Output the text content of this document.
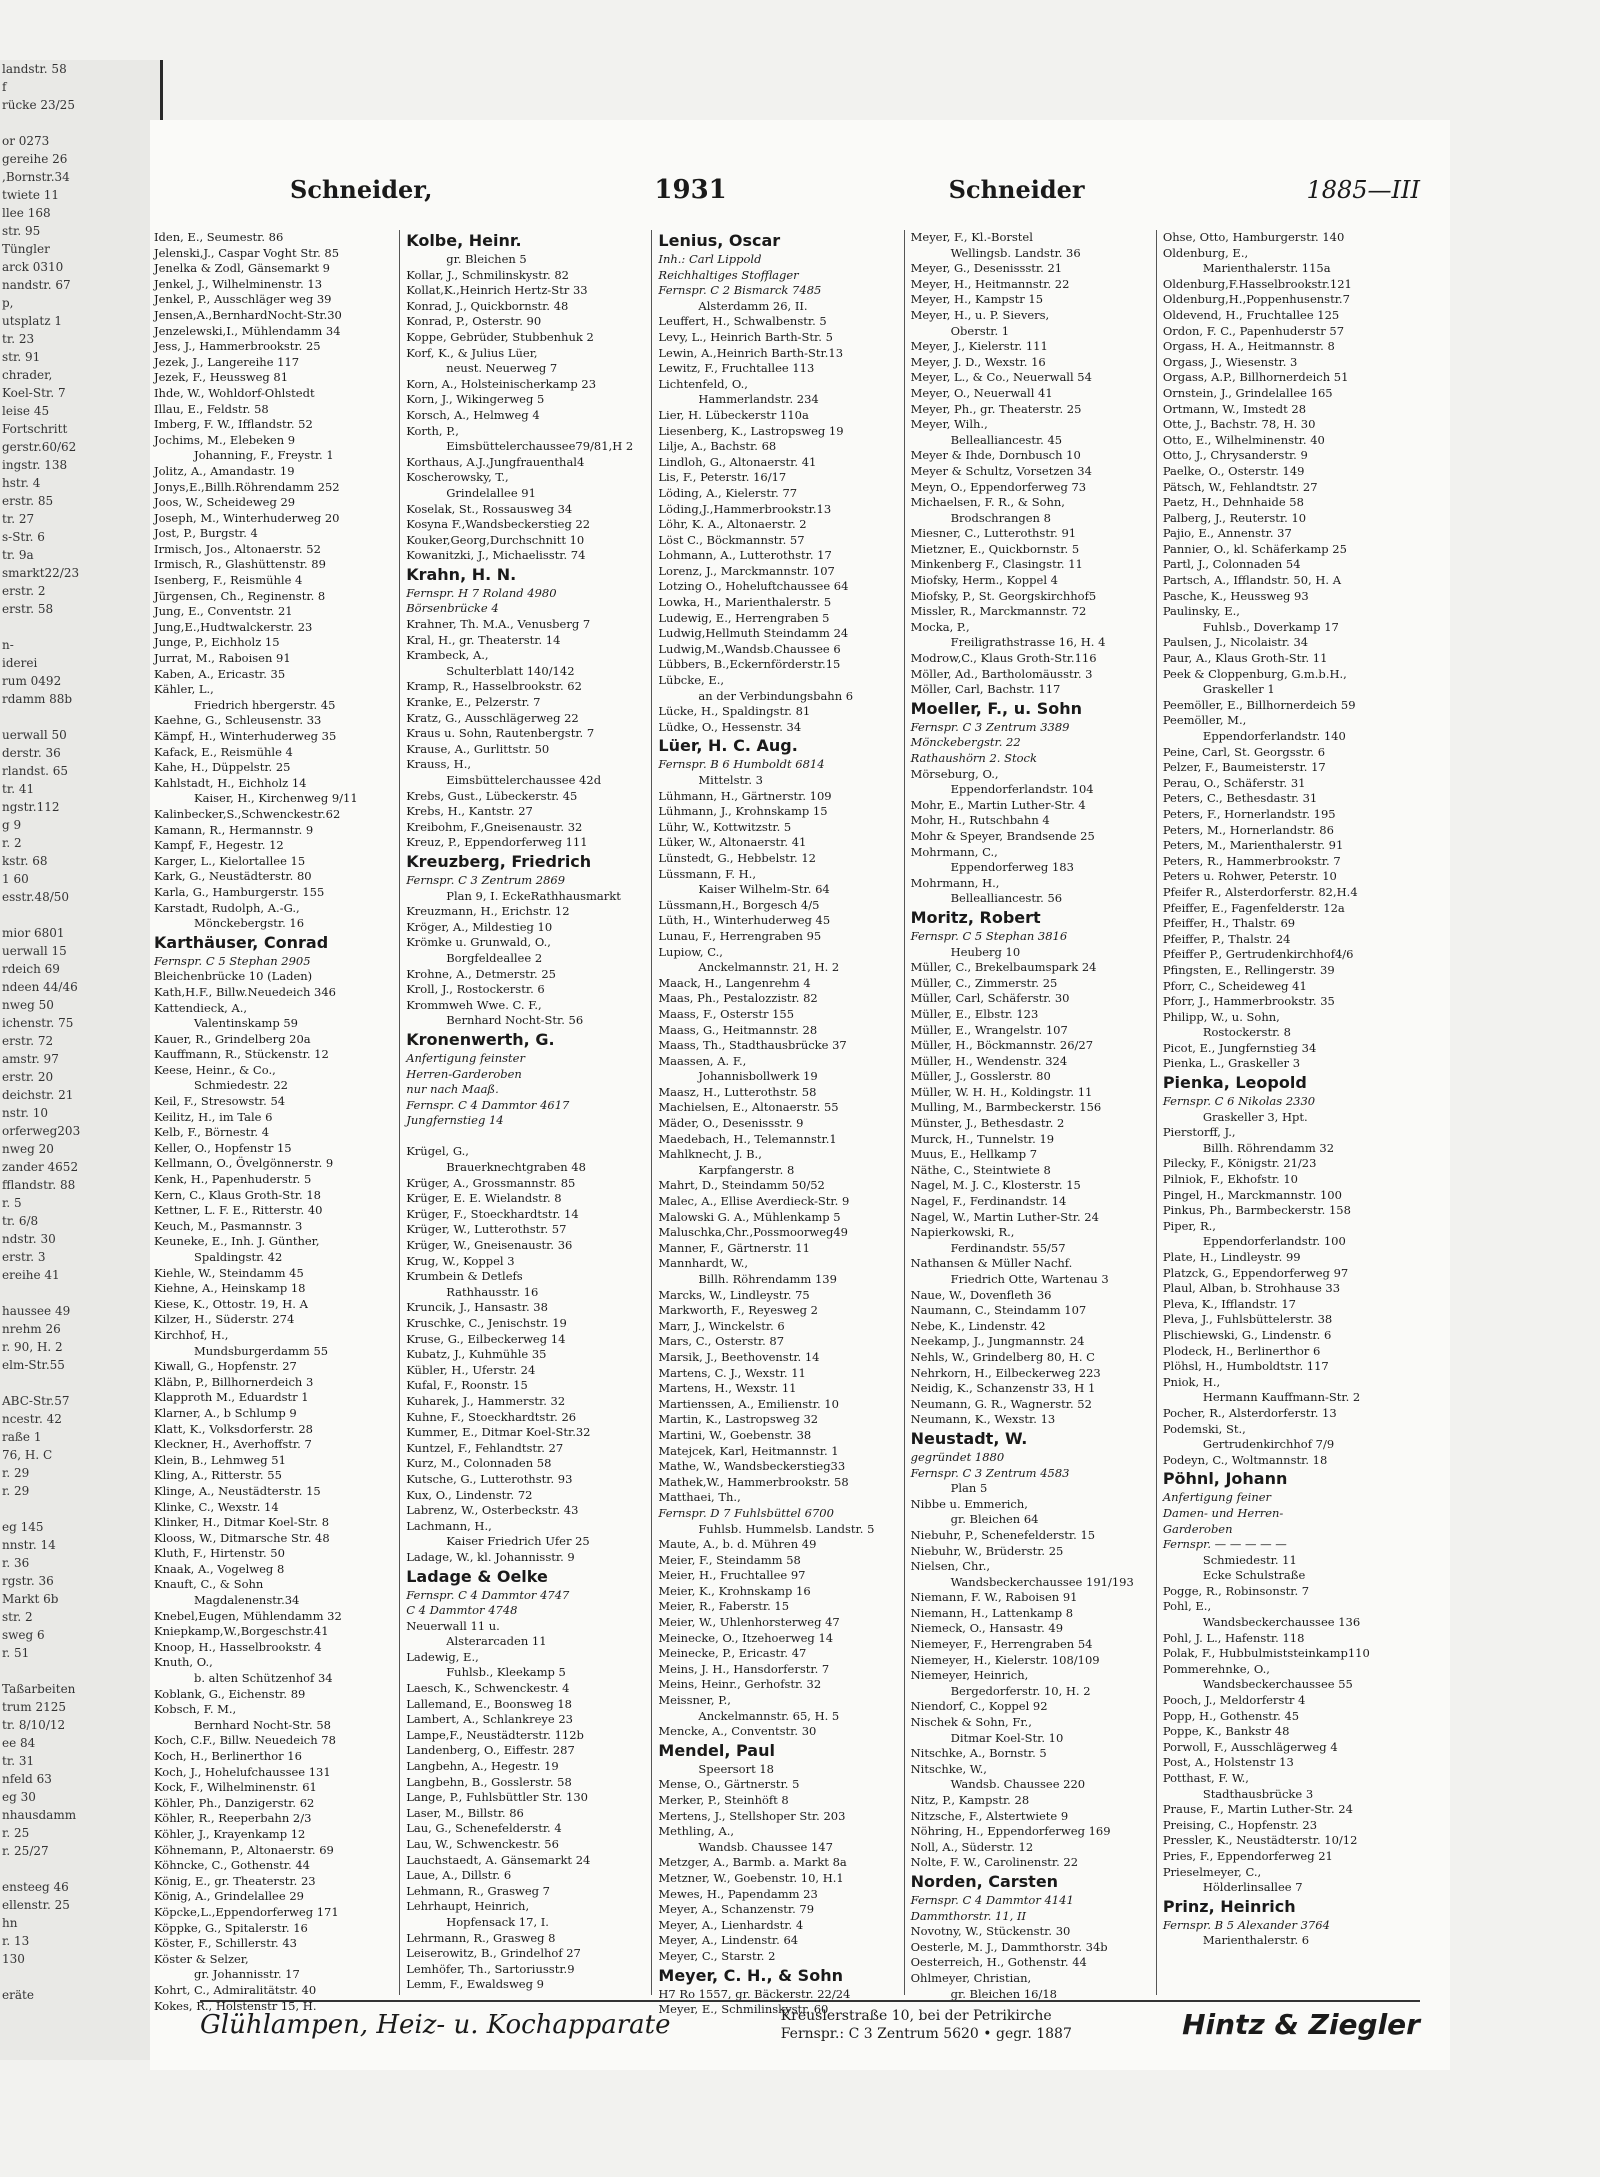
landstr. 58
f
rücke 23/25

or 0273
gereihe 26
,Bornstr.34
twiete 11
llee 168
str. 95
Tüngler
arck 0310
nandstr. 67
p,
utsplatz 1
tr. 23
str. 91
chrader,
Koel-Str. 7
leise 45
Fortschritt
gerstr.60/62
ingstr. 138
hstr. 4
erstr. 85
tr. 27
s-Str. 6
tr. 9a
smarkt22/23
erstr. 2
erstr. 58

n-
iderei
rum 0492
rdamm 88b

uerwall 50
derstr. 36
rlandst. 65
tr. 41
ngstr.112
g 9
r. 2
kstr. 68
1 60
esstr.48/50

mior 6801
uerwall 15
rdeich 69
ndeen 44/46
nweg 50
ichenstr. 75
erstr. 72
amstr. 97
erstr. 20
deichstr. 21
nstr. 10
orferweg203
nweg 20
zander 4652
fflandstr. 88
r. 5
tr. 6/8
ndstr. 30
erstr. 3
ereihe 41

haussee 49
nrehm 26
r. 90, H. 2
elm-Str.55

ABC-Str.57
ncestr. 42
raße 1
76, H. C
r. 29
r. 29

eg 145
nnstr. 14
r. 36
rgstr. 36
Markt 6b
str. 2
sweg 6
r. 51

Taßarbeiten
trum 2125
tr. 8/10/12
ee 84
tr. 31
nfeld 63
eg 30
nhausdamm
r. 25
r. 25/27

ensteeg 46
ellenstr. 25
hn
r. 13
130

eräte
Schneider,	1931	Schneider	1885—III
Iden, E., Seumestr. 86
Jelenski,J., Caspar Voght Str. 85
Jenelka & Zodl, Gänsemarkt 9
Jenkel, J., Wilhelminenstr. 13
Jenkel, P., Ausschläger weg 39
Jensen,A.,BernhardNocht-Str.30
Jenzelewski,I., Mühlendamm 34
Jess, J., Hammerbrookstr. 25
Jezek, J., Langereihe 117
Jezek, F., Heussweg 81
Ihde, W., Wohldorf-Ohlstedt
Illau, E., Feldstr. 58
Imberg, F. W., Ifflandstr. 52
Jochims, M., Elebeken 9
Johanning, F., Freystr. 1
Jolitz, A., Amandastr. 19
Jonys,E.,Billh.Röhrendamm 252
Joos, W., Scheideweg 29
Joseph, M., Winterhuderweg 20
Jost, P., Burgstr. 4
Irmisch, Jos., Altonaerstr. 52
Irmisch, R., Glashüttenstr. 89
Isenberg, F., Reismühle 4
Jürgensen, Ch., Reginenstr. 8
Jung, E., Conventstr. 21
Jung,E.,Hudtwalckerstr. 23
Junge, P., Eichholz 15
Jurrat, M., Raboisen 91
Kaben, A., Ericastr. 35
Kähler, L.,
Friedrich hbergerstr. 45
Kaehne, G., Schleusenstr. 33
Kämpf, H., Winterhuderweg 35
Kafack, E., Reismühle 4
Kahe, H., Düppelstr. 25
Kahlstadt, H., Eichholz 14
Kaiser, H., Kirchenweg 9/11
Kalinbecker,S.,Schwenckestr.62
Kamann, R., Hermannstr. 9
Kampf, F., Hegestr. 12
Karger, L., Kielortallee 15
Kark, G., Neustädterstr. 80
Karla, G., Hamburgerstr. 155
Karstadt, Rudolph, A.-G.,
Mönckebergstr. 16
Karthäuser, Conrad
Fernspr. C 5 Stephan 2905
Bleichenbrücke 10 (Laden)
Kath,H.F., Billw.Neuedeich 346
Kattendieck, A.,
Valentinskamp 59
Kauer, R., Grindelberg 20a
Kauffmann, R., Stückenstr. 12
Keese, Heinr., & Co.,
Schmiedestr. 22
Keil, F., Stresowstr. 54
Keilitz, H., im Tale 6
Kelb, F., Börnestr. 4
Keller, O., Hopfenstr 15
Kellmann, O., Övelgönnerstr. 9
Kenk, H., Papenhuderstr. 5
Kern, C., Klaus Groth-Str. 18
Kettner, L. F. E., Ritterstr. 40
Keuch, M., Pasmannstr. 3
Keuneke, E., Inh. J. Günther,
Spaldingstr. 42
Kiehle, W., Steindamm 45
Kiehne, A., Heinskamp 18
Kiese, K., Ottostr. 19, H. A
Kilzer, H., Süderstr. 274
Kirchhof, H.,
Mundsburgerdamm 55
Kiwall, G., Hopfenstr. 27
Kläbn, P., Billhornerdeich 3
Klapproth M., Eduardstr 1
Klarner, A., b Schlump 9
Klatt, K., Volksdorferstr. 28
Kleckner, H., Averhoffstr. 7
Klein, B., Lehmweg 51
Kling, A., Ritterstr. 55
Klinge, A., Neustädterstr. 15
Klinke, C., Wexstr. 14
Klinker, H., Ditmar Koel-Str. 8
Klooss, W., Ditmarsche Str. 48
Kluth, F., Hirtenstr. 50
Knaak, A., Vogelweg 8
Knauft, C., & Sohn
Magdalenenstr.34
Knebel,Eugen, Mühlendamm 32
Kniepkamp,W.,Borgeschstr.41
Knoop, H., Hasselbrookstr. 4
Knuth, O.,
b. alten Schützenhof 34
Koblank, G., Eichenstr. 89
Kobsch, F. M.,
Bernhard Nocht-Str. 58
Koch, C.F., Billw. Neuedeich 78
Koch, H., Berlinerthor 16
Koch, J., Hohelufchaussee 131
Kock, F., Wilhelminenstr. 61
Köhler, Ph., Danzigerstr. 62
Köhler, R., Reeperbahn 2/3
Köhler, J., Krayenkamp 12
Köhnemann, P., Altonaerstr. 69
Köhncke, C., Gothenstr. 44
König, E., gr. Theaterstr. 23
König, A., Grindelallee 29
Köpcke,L.,Eppendorferweg 171
Köppke, G., Spitalerstr. 16
Köster, F., Schillerstr. 43
Köster & Selzer,
gr. Johannisstr. 17
Kohrt, C., Admiralitätstr. 40
Kokes, R., Holstenstr 15, H.
Kolbe, Heinr.
gr. Bleichen 5
Kollar, J., Schmilinskystr. 82
Kollat,K.,Heinrich Hertz-Str 33
Konrad, J., Quickbornstr. 48
Konrad, P., Osterstr. 90
Koppe, Gebrüder, Stubbenhuk 2
Korf, K., & Julius Lüer,
neust. Neuerweg 7
Korn, A., Holsteinischerkamp 23
Korn, J., Wikingerweg 5
Korsch, A., Helmweg 4
Korth, P.,
Eimsbüttelerchaussee79/81,H 2
Korthaus, A.J.,Jungfrauenthal4
Koscherowsky, T.,
Grindelallee 91
Koselak, St., Rossausweg 34
Kosyna F.,Wandsbeckerstieg 22
Kouker,Georg,Durchschnitt 10
Kowanitzki, J., Michaelisstr. 74
Krahn, H. N.
Fernspr. H 7 Roland 4980
Börsenbrücke 4
Krahner, Th. M.A., Venusberg 7
Kral, H., gr. Theaterstr. 14
Krambeck, A.,
Schulterblatt 140/142
Kramp, R., Hasselbrookstr. 62
Kranke, E., Pelzerstr. 7
Kratz, G., Ausschlägerweg 22
Kraus u. Sohn, Rautenbergstr. 7
Krause, A., Gurlittstr. 50
Krauss, H.,
Eimsbüttelerchaussee 42d
Krebs, Gust., Lübeckerstr. 45
Krebs, H., Kantstr. 27
Kreibohm, F.,Gneisenaustr. 32
Kreuz, P., Eppendorferweg 111
Kreuzberg, Friedrich
Fernspr. C 3 Zentrum 2869
Plan 9, I. EckeRathhausmarkt
Kreuzmann, H., Erichstr. 12
Kröger, A., Mildestieg 10
Krömke u. Grunwald, O.,
Borgfeldeallee 2
Krohne, A., Detmerstr. 25
Kroll, J., Rostockerstr. 6
Krommweh Wwe. C. F.,
Bernhard Nocht-Str. 56
Kronenwerth, G.
Anfertigung feinster
Herren-Garderoben
nur nach Maaß.
Fernspr. C 4 Dammtor 4617
Jungfernstieg 14

Krügel, G.,
Brauerknechtgraben 48
Krüger, A., Grossmannstr. 85
Krüger, E. E. Wielandstr. 8
Krüger, F., Stoeckhardtstr. 14
Krüger, W., Lutterothstr. 57
Krüger, W., Gneisenaustr. 36
Krug, W., Koppel 3
Krumbein & Detlefs
Rathhausstr. 16
Kruncik, J., Hansastr. 38
Kruschke, C., Jenischstr. 19
Kruse, G., Eilbeckerweg 14
Kubatz, J., Kuhmühle 35
Kübler, H., Uferstr. 24
Kufal, F., Roonstr. 15
Kuharek, J., Hammerstr. 32
Kuhne, F., Stoeckhardtstr. 26
Kummer, E., Ditmar Koel-Str.32
Kuntzel, F., Fehlandtstr. 27
Kurz, M., Colonnaden 58
Kutsche, G., Lutterothstr. 93
Kux, O., Lindenstr. 72
Labrenz, W., Osterbeckstr. 43
Lachmann, H.,
Kaiser Friedrich Ufer 25
Ladage, W., kl. Johannisstr. 9
Ladage & Oelke
Fernspr. C 4 Dammtor 4747
C 4 Dammtor 4748
Neuerwall 11 u.
Alsterarcaden 11
Ladewig, E.,
Fuhlsb., Kleekamp 5
Laesch, K., Schwenckestr. 4
Lallemand, E., Boonsweg 18
Lambert, A., Schlankreye 23
Lampe,F., Neustädterstr. 112b
Landenberg, O., Eiffestr. 287
Langbehn, A., Hegestr. 19
Langbehn, B., Gosslerstr. 58
Lange, P., Fuhlsbüttler Str. 130
Laser, M., Billstr. 86
Lau, G., Schenefelderstr. 4
Lau, W., Schwenckestr. 56
Lauchstaedt, A. Gänsemarkt 24
Laue, A., Dillstr. 6
Lehmann, R., Grasweg 7
Lehrhaupt, Heinrich,
Hopfensack 17, I.
Lehrmann, R., Grasweg 8
Leiserowitz, B., Grindelhof 27
Lemhöfer, Th., Sartoriusstr.9
Lemm, F., Ewaldsweg 9
Lenius, Oscar
Inh.: Carl Lippold
Reichhaltiges Stofflager
Fernspr. C 2 Bismarck 7485
Alsterdamm 26, II.
Leuffert, H., Schwalbenstr. 5
Levy, L., Heinrich Barth-Str. 5
Lewin, A.,Heinrich Barth-Str.13
Lewitz, F., Fruchtallee 113
Lichtenfeld, O.,
Hammerlandstr. 234
Lier, H. Lübeckerstr 110a
Liesenberg, K., Lastropsweg 19
Lilje, A., Bachstr. 68
Lindloh, G., Altonaerstr. 41
Lis, F., Peterstr. 16/17
Löding, A., Kielerstr. 77
Löding,J.,Hammerbrookstr.13
Löhr, K. A., Altonaerstr. 2
Löst C., Böckmannstr. 57
Lohmann, A., Lutterothstr. 17
Lorenz, J., Marckmannstr. 107
Lotzing O., Hoheluftchaussee 64
Lowka, H., Marienthalerstr. 5
Ludewig, E., Herrengraben 5
Ludwig,Hellmuth Steindamm 24
Ludwig,M.,Wandsb.Chaussee 6
Lübbers, B.,Eckernförderstr.15
Lübcke, E.,
an der Verbindungsbahn 6
Lücke, H., Spaldingstr. 81
Lüdke, O., Hessenstr. 34
Lüer, H. C. Aug.
Fernspr. B 6 Humboldt 6814
Mittelstr. 3
Lühmann, H., Gärtnerstr. 109
Lühmann, J., Krohnskamp 15
Lühr, W., Kottwitzstr. 5
Lüker, W., Altonaerstr. 41
Lünstedt, G., Hebbelstr. 12
Lüssmann, F. H.,
Kaiser Wilhelm-Str. 64
Lüssmann,H., Borgesch 4/5
Lüth, H., Winterhuderweg 45
Lunau, F., Herrengraben 95
Lupiow, C.,
Anckelmannstr. 21, H. 2
Maack, H., Langenrehm 4
Maas, Ph., Pestalozzistr. 82
Maass, F., Osterstr 155
Maass, G., Heitmannstr. 28
Maass, Th., Stadthausbrücke 37
Maassen, A. F.,
Johannisbollwerk 19
Maasz, H., Lutterothstr. 58
Machielsen, E., Altonaerstr. 55
Mäder, O., Desenissstr. 9
Maedebach, H., Telemannstr.1
Mahlknecht, J. B.,
Karpfangerstr. 8
Mahrt, D., Steindamm 50/52
Malec, A., Ellise Averdieck-Str. 9
Malowski G. A., Mühlenkamp 5
Maluschka,Chr.,Possmoorweg49
Manner, F., Gärtnerstr. 11
Mannhardt, W.,
Billh. Röhrendamm 139
Marcks, W., Lindleystr. 75
Markworth, F., Reyesweg 2
Marr, J., Winckelstr. 6
Mars, C., Osterstr. 87
Marsik, J., Beethovenstr. 14
Martens, C. J., Wexstr. 11
Martens, H., Wexstr. 11
Martienssen, A., Emilienstr. 10
Martin, K., Lastropsweg 32
Martini, W., Goebenstr. 38
Matejcek, Karl, Heitmannstr. 1
Mathe, W., Wandsbeckerstieg33
Mathek,W., Hammerbrookstr. 58
Matthaei, Th.,
Fernspr. D 7 Fuhlsbüttel 6700
Fuhlsb. Hummelsb. Landstr. 5
Maute, A., b. d. Mühren 49
Meier, F., Steindamm 58
Meier, H., Fruchtallee 97
Meier, K., Krohnskamp 16
Meier, R., Faberstr. 15
Meier, W., Uhlenhorsterweg 47
Meinecke, O., Itzehoerweg 14
Meinecke, P., Ericastr. 47
Meins, J. H., Hansdorferstr. 7
Meins, Heinr., Gerhofstr. 32
Meissner, P.,
Anckelmannstr. 65, H. 5
Mencke, A., Conventstr. 30
Mendel, Paul
Speersort 18
Mense, O., Gärtnerstr. 5
Merker, P., Steinhöft 8
Mertens, J., Stellshoper Str. 203
Methling, A.,
Wandsb. Chaussee 147
Metzger, A., Barmb. a. Markt 8a
Metzner, W., Goebenstr. 10, H.1
Mewes, H., Papendamm 23
Meyer, A., Schanzenstr. 79
Meyer, A., Lienhardstr. 4
Meyer, A., Lindenstr. 64
Meyer, C., Starstr. 2
Meyer, C. H., & Sohn
H7 Ro 1557, gr. Bäckerstr. 22/24
Meyer, E., Schmilinskystr. 60
Meyer, F., Kl.-Borstel
Wellingsb. Landstr. 36
Meyer, G., Desenissstr. 21
Meyer, H., Heitmannstr. 22
Meyer, H., Kampstr 15
Meyer, H., u. P. Sievers,
Oberstr. 1
Meyer, J., Kielerstr. 111
Meyer, J. D., Wexstr. 16
Meyer, L., & Co., Neuerwall 54
Meyer, O., Neuerwall 41
Meyer, Ph., gr. Theaterstr. 25
Meyer, Wilh.,
Bellealliancestr. 45
Meyer & Ihde, Dornbusch 10
Meyer & Schultz, Vorsetzen 34
Meyn, O., Eppendorferweg 73
Michaelsen, F. R., & Sohn,
Brodschrangen 8
Miesner, C., Lutterothstr. 91
Mietzner, E., Quickbornstr. 5
Minkenberg F., Clasingstr. 11
Miofsky, Herm., Koppel 4
Miofsky, P., St. Georgskirchhof5
Missler, R., Marckmannstr. 72
Mocka, P.,
Freiligrathstrasse 16, H. 4
Modrow,C., Klaus Groth-Str.116
Möller, Ad., Bartholomäusstr. 3
Möller, Carl, Bachstr. 117
Moeller, F., u. Sohn
Fernspr. C 3 Zentrum 3389
Mönckebergstr. 22
Rathaushörn 2. Stock
Mörseburg, O.,
Eppendorferlandstr. 104
Mohr, E., Martin Luther-Str. 4
Mohr, H., Rutschbahn 4
Mohr & Speyer, Brandsende 25
Mohrmann, C.,
Eppendorferweg 183
Mohrmann, H.,
Bellealliancestr. 56
Moritz, Robert
Fernspr. C 5 Stephan 3816
Heuberg 10
Müller, C., Brekelbaumspark 24
Müller, C., Zimmerstr. 25
Müller, Carl, Schäferstr. 30
Müller, E., Elbstr. 123
Müller, E., Wrangelstr. 107
Müller, H., Böckmannstr. 26/27
Müller, H., Wendenstr. 324
Müller, J., Gosslerstr. 80
Müller, W. H. H., Koldingstr. 11
Mulling, M., Barmbeckerstr. 156
Münster, J., Bethesdastr. 2
Murck, H., Tunnelstr. 19
Muus, E., Hellkamp 7
Näthe, C., Steintwiete 8
Nagel, M. J. C., Klosterstr. 15
Nagel, F., Ferdinandstr. 14
Nagel, W., Martin Luther-Str. 24
Napierkowski, R.,
Ferdinandstr. 55/57
Nathansen & Müller Nachf.
Friedrich Otte, Wartenau 3
Naue, W., Dovenfleth 36
Naumann, C., Steindamm 107
Nebe, K., Lindenstr. 42
Neekamp, J., Jungmannstr. 24
Nehls, W., Grindelberg 80, H. C
Nehrkorn, H., Eilbeckerweg 223
Neidig, K., Schanzenstr 33, H 1
Neumann, G. R., Wagnerstr. 52
Neumann, K., Wexstr. 13
Neustadt, W.
gegründet 1880
Fernspr. C 3 Zentrum 4583
Plan 5
Nibbe u. Emmerich,
gr. Bleichen 64
Niebuhr, P., Schenefelderstr. 15
Niebuhr, W., Brüderstr. 25
Nielsen, Chr.,
Wandsbeckerchaussee 191/193
Niemann, F. W., Raboisen 91
Niemann, H., Lattenkamp 8
Niemeck, O., Hansastr. 49
Niemeyer, F., Herrengraben 54
Niemeyer, H., Kielerstr. 108/109
Niemeyer, Heinrich,
Bergedorferstr. 10, H. 2
Niendorf, C., Koppel 92
Nischek & Sohn, Fr.,
Ditmar Koel-Str. 10
Nitschke, A., Bornstr. 5
Nitschke, W.,
Wandsb. Chaussee 220
Nitz, P., Kampstr. 28
Nitzsche, F., Alstertwiete 9
Nöhring, H., Eppendorferweg 169
Noll, A., Süderstr. 12
Nolte, F. W., Carolinenstr. 22
Norden, Carsten
Fernspr. C 4 Dammtor 4141
Dammthorstr. 11, II
Novotny, W., Stückenstr. 30
Oesterle, M. J., Dammthorstr. 34b
Oesterreich, H., Gothenstr. 44
Ohlmeyer, Christian,
gr. Bleichen 16/18
Ohse, Otto, Hamburgerstr. 140
Oldenburg, E.,
Marienthalerstr. 115a
Oldenburg,F.Hasselbrookstr.121
Oldenburg,H.,Poppenhusenstr.7
Oldevend, H., Fruchtallee 125
Ordon, F. C., Papenhuderstr 57
Orgass, H. A., Heitmannstr. 8
Orgass, J., Wiesenstr. 3
Orgass, A.P., Billhornerdeich 51
Ornstein, J., Grindelallee 165
Ortmann, W., Imstedt 28
Otte, J., Bachstr. 78, H. 30
Otto, E., Wilhelminenstr. 40
Otto, J., Chrysanderstr. 9
Paelke, O., Osterstr. 149
Pätsch, W., Fehlandtstr. 27
Paetz, H., Dehnhaide 58
Palberg, J., Reuterstr. 10
Pajio, E., Annenstr. 37
Pannier, O., kl. Schäferkamp 25
Partl, J., Colonnaden 54
Partsch, A., Ifflandstr. 50, H. A
Pasche, K., Heussweg 93
Paulinsky, E.,
Fuhlsb., Doverkamp 17
Paulsen, J., Nicolaistr. 34
Paur, A., Klaus Groth-Str. 11
Peek & Cloppenburg, G.m.b.H.,
Graskeller 1
Peemöller, E., Billhornerdeich 59
Peemöller, M.,
Eppendorferlandstr. 140
Peine, Carl, St. Georgsstr. 6
Pelzer, F., Baumeisterstr. 17
Perau, O., Schäferstr. 31
Peters, C., Bethesdastr. 31
Peters, F., Hornerlandstr. 195
Peters, M., Hornerlandstr. 86
Peters, M., Marienthalerstr. 91
Peters, R., Hammerbrookstr. 7
Peters u. Rohwer, Peterstr. 10
Pfeifer R., Alsterdorferstr. 82,H.4
Pfeiffer, E., Fagenfelderstr. 12a
Pfeiffer, H., Thalstr. 69
Pfeiffer, P., Thalstr. 24
Pfeiffer P., Gertrudenkirchhof4/6
Pfingsten, E., Rellingerstr. 39
Pforr, C., Scheideweg 41
Pforr, J., Hammerbrookstr. 35
Philipp, W., u. Sohn,
Rostockerstr. 8
Picot, E., Jungfernstieg 34
Pienka, L., Graskeller 3
Pienka, Leopold
Fernspr. C 6 Nikolas 2330
Graskeller 3, Hpt.
Pierstorff, J.,
Billh. Röhrendamm 32
Pilecky, F., Königstr. 21/23
Pilniok, F., Ekhofstr. 10
Pingel, H., Marckmannstr. 100
Pinkus, Ph., Barmbeckerstr. 158
Piper, R.,
Eppendorferlandstr. 100
Plate, H., Lindleystr. 99
Platzck, G., Eppendorferweg 97
Plaul, Alban, b. Strohhause 33
Pleva, K., Ifflandstr. 17
Pleva, J., Fuhlsbüttelerstr. 38
Plischiewski, G., Lindenstr. 6
Plodeck, H., Berlinerthor 6
Plöhsl, H., Humboldtstr. 117
Pniok, H.,
Hermann Kauffmann-Str. 2
Pocher, R., Alsterdorferstr. 13
Podemski, St.,
Gertrudenkirchhof 7/9
Podeyn, C., Woltmannstr. 18
Pöhnl, Johann
Anfertigung feiner
Damen- und Herren-
Garderoben
Fernspr. — — — — —
Schmiedestr. 11
Ecke Schulstraße
Pogge, R., Robinsonstr. 7
Pohl, E.,
Wandsbeckerchaussee 136
Pohl, J. L., Hafenstr. 118
Polak, F., Hubbulmiststeinkamp110
Pommerehnke, O.,
Wandsbeckerchaussee 55
Pooch, J., Meldorferstr 4
Popp, H., Gothenstr. 45
Poppe, K., Bankstr 48
Porwoll, F., Ausschlägerweg 4
Post, A., Holstenstr 13
Potthast, F. W.,
Stadthausbrücke 3
Prause, F., Martin Luther-Str. 24
Preising, C., Hopfenstr. 23
Pressler, K., Neustädterstr. 10/12
Pries, F., Eppendorferweg 21
Prieselmeyer, C.,
Hölderlinsallee 7
Prinz, Heinrich
Fernspr. B 5 Alexander 3764
Marienthalerstr. 6
Glühlampen, Heiz- u. Kochapparate	Kreuslerstraße 10, bei der Petrikirche
Fernspr.: C 3 Zentrum 5620 • gegr. 1887	Hintz & Ziegler
